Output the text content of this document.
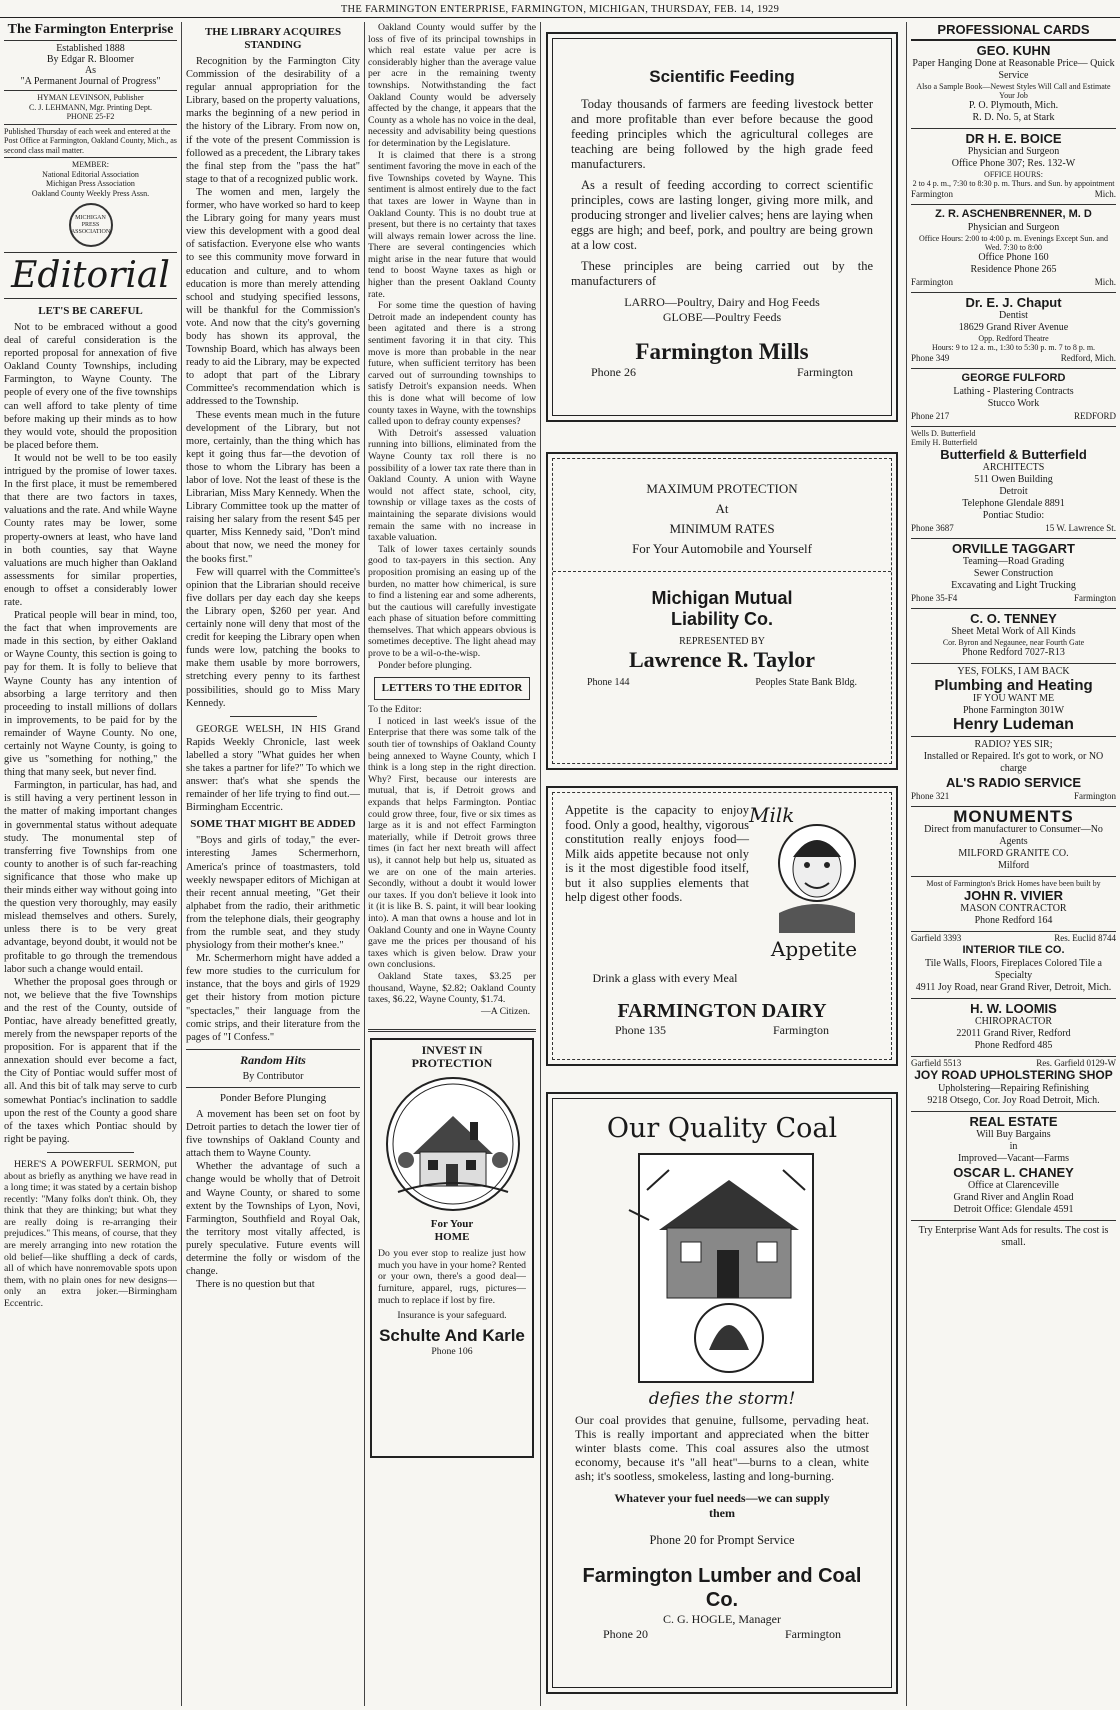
THE FARMINGTON ENTERPRISE, FARMINGTON, MICHIGAN, THURSDAY, FEB. 14, 1929
The Farmington Enterprise
Established 1888
By Edgar R. Bloomer
As
"A Permanent Journal of Progress"
HYMAN LEVINSON, Publisher
C. J. LEHMANN, Mgr. Printing Dept.
PHONE 25-F2
Published Thursday of each week and entered at the Post Office at Farmington, Oakland County, Mich., as second class mail matter.
MEMBER:
National Editorial Association
Michigan Press Association
Oakland County Weekly Press Assn.
MICHIGAN PRESS ASSOCIATION
Editorial
LET'S BE CAREFUL

Not to be embraced without a good deal of careful consideration is the reported proposal for annexation of five Oakland County Townships, including Farmington, to Wayne County. The people of every one of the five townships can well afford to take plenty of time before making up their minds as to how they would vote, should the proposition be placed before them.

It would not be well to be too easily intrigued by the promise of lower taxes. In the first place, it must be remembered that there are two factors in taxes, valuations and the rate. And while Wayne County rates may be lower, some property-owners at least, who have land in both counties, say that Wayne valuations are much higher than Oakland assessments for similar properties, enough to offset a considerably lower rate.

Pratical people will bear in mind, too, the fact that when improvements are made in this section, by either Oakland or Wayne County, this section is going to pay for them. It is folly to believe that Wayne County has any intention of absorbing a large territory and then proceeding to install millions of dollars in improvements, to be paid for by the remainder of Wayne County. No one, certainly not Wayne County, is going to give us "something for nothing," the thing that many seek, but never find.

Farmington, in particular, has had, and is still having a very pertinent lesson in the matter of making important changes in governmental status without adequate study. The monumental step of transferring five Townships from one county to another is of such far-reaching significance that those who make up their minds either way without going into the question very thoroughly, may easily mislead themselves and others. Surely, unless there is to be very great advantage, beyond doubt, it would not be profitable to go through the tremendous labor such a change would entail.

Whether the proposal goes through or not, we believe that the five Townships and the rest of the County, outside of Pontiac, have already benefitted greatly, merely from the newspaper reports of the proposition. For is apparent that if the annexation should ever become a fact, the City of Pontiac would suffer most of all. And this bit of talk may serve to curb somewhat Pontiac's inclination to saddle upon the rest of the County a good share of the taxes which Pontiac should by right be paying.

HERE'S A POWERFUL SERMON, put about as briefly as anything we have read in a long time; it was stated by a certain bishop recently: "Many folks don't think. Oh, they think that they are thinking; but what they are really doing is re-arranging their prejudices." This means, of course, that they are merely arranging into new rotation the old belief—like shuffling a deck of cards, all of which have nonremovable spots upon them, with no plain ones for new designs—only an extra joker.—Birmingham Eccentric.

THE LIBRARY ACQUIRES STANDING

Recognition by the Farmington City Commission of the desirability of a regular annual appropriation for the Library, based on the property valuations, marks the beginning of a new period in the history of the Library. From now on, if the vote of the present Commission is followed as a precedent, the Library takes the final step from the "pass the hat" stage to that of a recognized public work.

The women and men, largely the former, who have worked so hard to keep the Library going for many years must view this development with a good deal of satisfaction. Everyone else who wants to see this community move forward in education and culture, and to whom education is more than merely attending school and studying specified lessons, will be thankful for the Commission's vote. And now that the city's governing body has shown its approval, the Township Board, which has always been ready to aid the Library, may be expected to adopt that part of the Library Committee's recommendation which is addressed to the Township.

These events mean much in the future development of the Library, but not more, certainly, than the thing which has kept it going thus far—the devotion of those to whom the Library has been a labor of love. Not the least of these is the Librarian, Miss Mary Kennedy. When the Library Committee took up the matter of raising her salary from the resent $45 per quarter, Miss Kennedy said, "Don't mind about that now, we need the money for the books first."

Few will quarrel with the Committee's opinion that the Librarian should receive five dollars per day each day she keeps the Library open, $260 per year. And certainly none will deny that most of the credit for keeping the Library open when funds were low, patching the books to make them usable by more borrowers, stretching every penny to its farthest possibilities, should go to Miss Mary Kennedy.

GEORGE WELSH, IN HIS Grand Rapids Weekly Chronicle, last week labelled a story "What guides her when she takes a partner for life?" To which we answer: that's what she spends the remainder of her life trying to find out.—Birmingham Eccentric.

SOME THAT MIGHT BE ADDED

"Boys and girls of today," the ever-interesting James Schermerhorn, America's prince of toastmasters, told weekly newspaper editors of Michigan at their recent annual meeting, "Get their alphabet from the radio, their arithmetic from the telephone dials, their geography from the rumble seat, and they study physiology from their mother's knee."

Mr. Schermerhorn might have added a few more studies to the curriculum for instance, that the boys and girls of 1929 get their history from motion picture "spectacles," their language from the comic strips, and their literature from the pages of "I Confess."

Random Hits
By Contributor
Ponder Before Plunging

A movement has been set on foot by Detroit parties to detach the lower tier of five townships of Oakland County and attach them to Wayne County.

Whether the advantage of such a change would be wholly that of Detroit and Wayne County, or shared to some extent by the Townships of Lyon, Novi, Farmington, Southfield and Royal Oak, the territory most vitally affected, is purely speculative. Future events will determine the folly or wisdom of the change.

There is no question but that

Oakland County would suffer by the loss of five of its principal townships in which real estate value per acre is considerably higher than the average value per acre in the remaining twenty townships. Notwithstanding the fact Oakland County would be adversely affected by the change, it appears that the County as a whole has no voice in the deal, necessity and advisability being questions for determination by the Legislature.

It is claimed that there is a strong sentiment favoring the move in each of the five Townships coveted by Wayne. This sentiment is almost entirely due to the fact that taxes are lower in Wayne than in Oakland County. This is no doubt true at present, but there is no certainty that taxes will always remain lower across the line. There are several contingencies which might arise in the near future that would tend to boost Wayne taxes as high or higher than the present Oakland County rate.

For some time the question of having Detroit made an independent county has been agitated and there is a strong sentiment favoring it in that city. This move is more than probable in the near future, when sufficient territory has been carved out of surrounding townships to satisfy Detroit's expansion needs. When this is done what will become of low county taxes in Wayne, with the townships called upon to defray county expenses?

With Detroit's assessed valuation running into billions, eliminated from the Wayne County tax roll there is no possibility of a lower tax rate there than in Oakland County. A union with Wayne would not affect state, school, city, township or village taxes as the costs of maintaining the separate divisions would remain the same with no increase in taxable valuation.

Talk of lower taxes certainly sounds good to tax-payers in this section. Any proposition promising an easing up of the burden, no matter how chimerical, is sure to find a listening ear and some adherents, but the cautious will carefully investigate each phase of situation before committing themselves. That which appears obvious is sometimes deceptive. The light ahead may prove to be a wil-o-the-wisp.

Ponder before plunging.

LETTERS TO THE EDITOR
To the Editor:

I noticed in last week's issue of the Enterprise that there was some talk of the south tier of townships of Oakland County being annexed to Wayne County, which I think is a long step in the right direction. Why? First, because our interests are mutual, that is, if Detroit grows and expands that helps Farmington. Pontiac could grow three, four, five or six times as large as it is and not effect Farmington materially, while if Detroit grows three times (in fact her next breath will affect us), it cannot help but help us, situated as we are on one of the main arteries. Secondly, without a doubt it would lower our taxes. If you don't believe it look into it (it is like B. S. paint, it will bear looking into). A man that owns a house and lot in Oakland County and one in Wayne County gave me the prices per thousand of his taxes which is given below. Draw your own conclusions.

Oakland State taxes, $3.25 per thousand, Wayne, $2.82; Oakland County taxes, $6.22, Wayne County, $1.74.

—A Citizen.
INVEST IN
PROTECTION
For Your
HOME
Do you ever stop to realize just how much you have in your home? Rented or your own, there's a good deal—furniture, apparel, rugs, pictures—much to replace if lost by fire.
Insurance is your safeguard.
Schulte And Karle
Phone 106
Scientific Feeding

Today thousands of farmers are feeding livestock better and more profitable than ever before because the good feeding principles which the agricultural colleges are teaching are being followed by the high grade feed manufacturers.

As a result of feeding according to correct scientific principles, cows are lasting longer, giving more milk, and producing stronger and livelier calves; hens are laying when eggs are high; and beef, pork, and poultry are being grown at a low cost.

These principles are being carried out by the manufacturers of

LARRO—Poultry, Dairy and Hog Feeds
GLOBE—Poultry Feeds
Farmington Mills
Phone 26	Farmington
MAXIMUM PROTECTION
At
MINIMUM RATES
For Your Automobile and Yourself
Michigan Mutual
Liability Co.
REPRESENTED BY
Lawrence R. Taylor
Phone 144	Peoples State Bank Bldg.
Appetite is the capacity to enjoy food. Only a good, healthy, vigorous constitution really enjoys food—Milk aids appetite because not only is it the most digestible food itself, but it also supplies elements that help digest other foods.
Milk
Appetite
Drink a glass with every Meal
FARMINGTON DAIRY
Phone 135	Farmington
Our Quality Coal
defies the storm!
Our coal provides that genuine, fullsome, pervading heat. This is really important and appreciated when the bitter winter blasts come. This coal assures also the utmost economy, because it's "all heat"—burns to a clean, white ash; it's sootless, smokeless, lasting and long-burning.
Whatever your fuel needs—we can supply them
Phone 20 for Prompt Service
Farmington Lumber and Coal Co.
C. G. HOGLE, Manager
Phone 20	Farmington
PROFESSIONAL CARDS
GEO. KUHN
Paper Hanging Done at Reasonable Price— Quick Service
Also a Sample Book—Newest Styles Will Call and Estimate Your Job
P. O. Plymouth, Mich.
R. D. No. 5, at Stark
DR H. E. BOICE
Physician and Surgeon
Office Phone 307; Res. 132-W
OFFICE HOURS:
2 to 4 p. m., 7:30 to 8:30 p. m. Thurs. and Sun. by appointment
Farmington	Mich.
Z. R. ASCHENBRENNER, M. D
Physician and Surgeon
Office Hours: 2:00 to 4:00 p. m. Evenings Except Sun. and Wed. 7:30 to 8:00
Office Phone 160
Residence Phone 265
Farmington	Mich.
Dr. E. J. Chaput
Dentist
18629 Grand River Avenue
Opp. Redford Theatre
Hours: 9 to 12 a. m., 1:30 to 5:30 p. m. 7 to 8 p. m.
Phone 349	Redford, Mich.
GEORGE FULFORD
Lathing - Plastering Contracts
Stucco Work
Phone 217	REDFORD
Wells D. Butterfield
Emily H. Butterfield
Butterfield & Butterfield
ARCHITECTS
511 Owen Building
Detroit
Telephone Glendale 8891
Pontiac Studio:
Phone 3687	15 W. Lawrence St.
ORVILLE TAGGART
Teaming—Road Grading
Sewer Construction
Excavating and Light Trucking
Phone 35-F4	Farmington
C. O. TENNEY
Sheet Metal Work of All Kinds
Cor. Byron and Negaunee, near Fourth Gate
Phone Redford 7027-R13
YES, FOLKS, I AM BACK
Plumbing and Heating
IF YOU WANT ME
Phone Farmington 301W
Henry Ludeman
RADIO? YES SIR;
Installed or Repaired. It's got to work, or NO charge
AL'S RADIO SERVICE
Phone 321	Farmington
MONUMENTS
Direct from manufacturer to Consumer—No Agents
MILFORD GRANITE CO.
Milford
Most of Farmington's Brick Homes have been built by
JOHN R. VIVIER
MASON CONTRACTOR
Phone Redford 164
Garfield 3393	Res. Euclid 8744
INTERIOR TILE CO.
Tile Walls, Floors, Fireplaces Colored Tile a Specialty
4911 Joy Road, near Grand River, Detroit, Mich.
H. W. LOOMIS
CHIROPRACTOR
22011 Grand River, Redford
Phone Redford 485
Garfield 5513	Res. Garfield 0129-W
JOY ROAD UPHOLSTERING SHOP
Upholstering—Repairing Refinishing
9218 Otsego, Cor. Joy Road Detroit, Mich.
REAL ESTATE
Will Buy Bargains
in
Improved—Vacant—Farms
OSCAR L. CHANEY
Office at Clarenceville
Grand River and Anglin Road
Detroit Office: Glendale 4591
Try Enterprise Want Ads for results. The cost is small.
